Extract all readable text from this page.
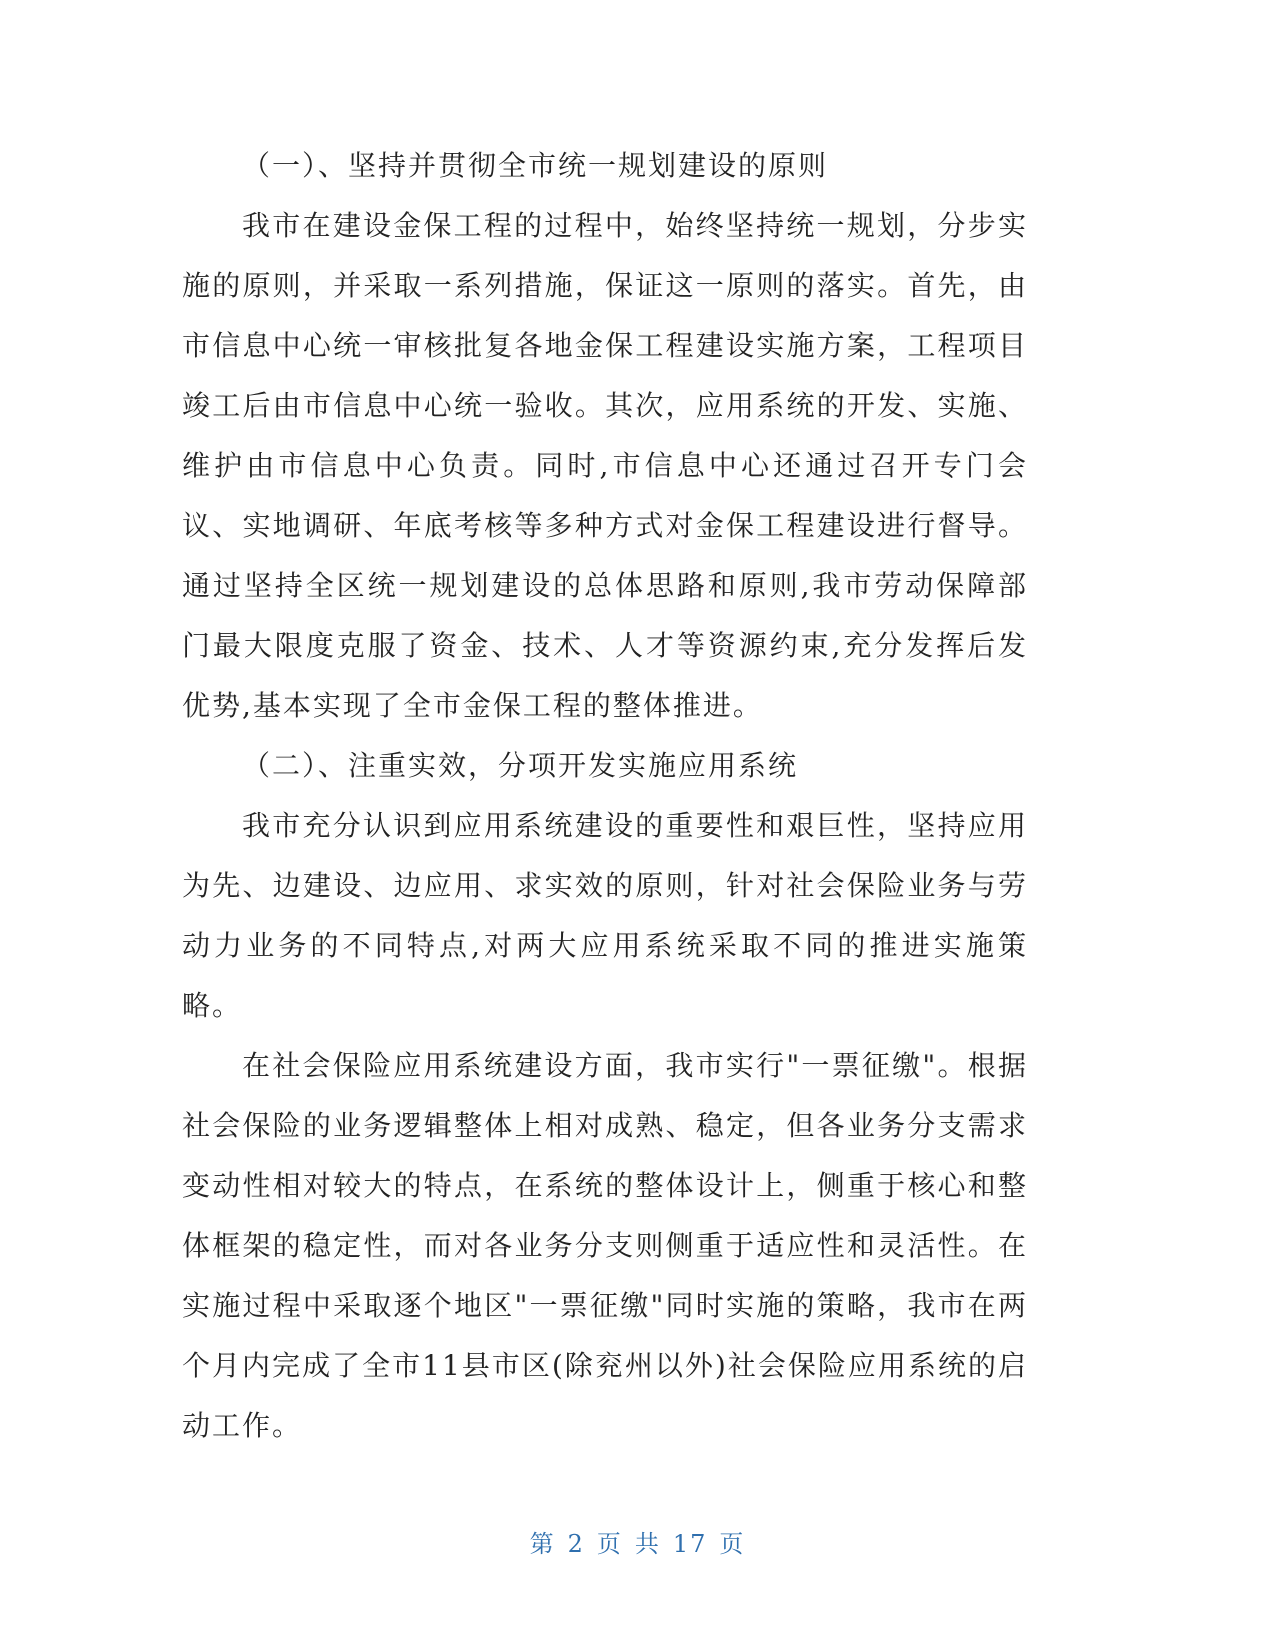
（一）、坚持并贯彻全市统一规划建设的原则

我市在建设金保工程的过程中，始终坚持统一规划，分步实施的原则，并采取一系列措施，保证这一原则的落实。首先，由市信息中心统一审核批复各地金保工程建设实施方案，工程项目竣工后由市信息中心统一验收。其次，应用系统的开发、实施、维护由市信息中心负责。同时,市信息中心还通过召开专门会议、实地调研、年底考核等多种方式对金保工程建设进行督导。通过坚持全区统一规划建设的总体思路和原则,我市劳动保障部门最大限度克服了资金、技术、人才等资源约束,充分发挥后发优势,基本实现了全市金保工程的整体推进。

（二）、注重实效，分项开发实施应用系统

我市充分认识到应用系统建设的重要性和艰巨性，坚持应用为先、边建设、边应用、求实效的原则，针对社会保险业务与劳动力业务的不同特点,对两大应用系统采取不同的推进实施策略。

在社会保险应用系统建设方面，我市实行"一票征缴"。根据社会保险的业务逻辑整体上相对成熟、稳定，但各业务分支需求变动性相对较大的特点，在系统的整体设计上，侧重于核心和整体框架的稳定性，而对各业务分支则侧重于适应性和灵活性。在实施过程中采取逐个地区"一票征缴"同时实施的策略，我市在两个月内完成了全市11县市区(除兖州以外)社会保险应用系统的启动工作。

第 2 页 共 17 页
